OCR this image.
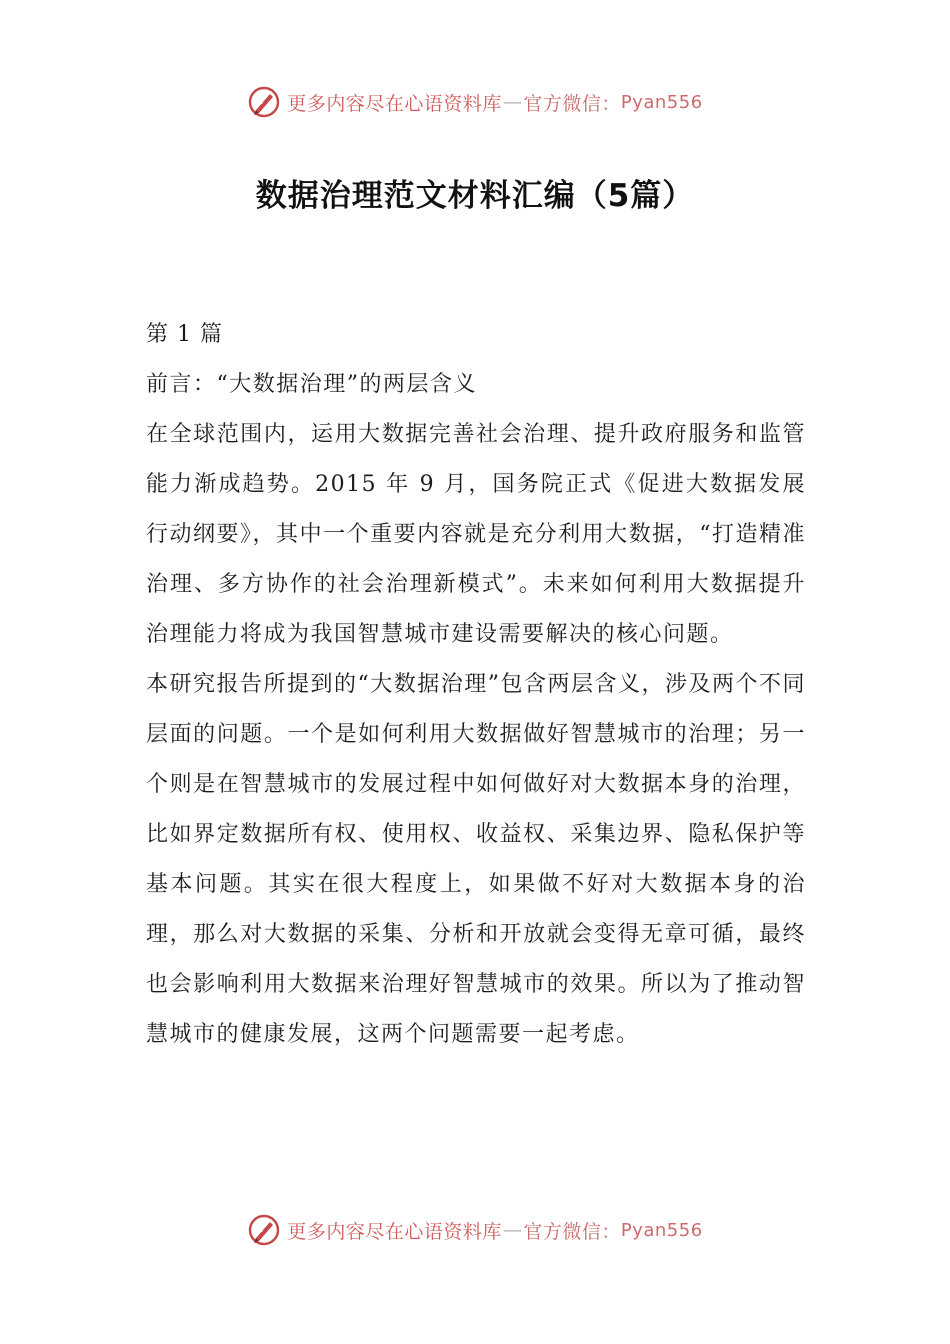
更多内容尽在心语资料库 — 官方微信： Pyan556
数据治理范文材料汇编（5篇）

第 1 篇

前言：“大数据治理”的两层含义

在全球范围内，运用大数据完善社会治理、提升政府服务和监管能力渐成趋势。2015 年 9 月，国务院正式《促进大数据发展行动纲要》，其中一个重要内容就是充分利用大数据，“打造精准治理、多方协作的社会治理新模式”。未来如何利用大数据提升治理能力将成为我国智慧城市建设需要解决的核心问题。

本研究报告所提到的“大数据治理”包含两层含义，涉及两个不同层面的问题。一个是如何利用大数据做好智慧城市的治理；另一个则是在智慧城市的发展过程中如何做好对大数据本身的治理，比如界定数据所有权、使用权、收益权、采集边界、隐私保护等基本问题。其实在很大程度上，如果做不好对大数据本身的治理，那么对大数据的采集、分析和开放就会变得无章可循，最终也会影响利用大数据来治理好智慧城市的效果。所以为了推动智慧城市的健康发展，这两个问题需要一起考虑。

更多内容尽在心语资料库 — 官方微信： Pyan556
